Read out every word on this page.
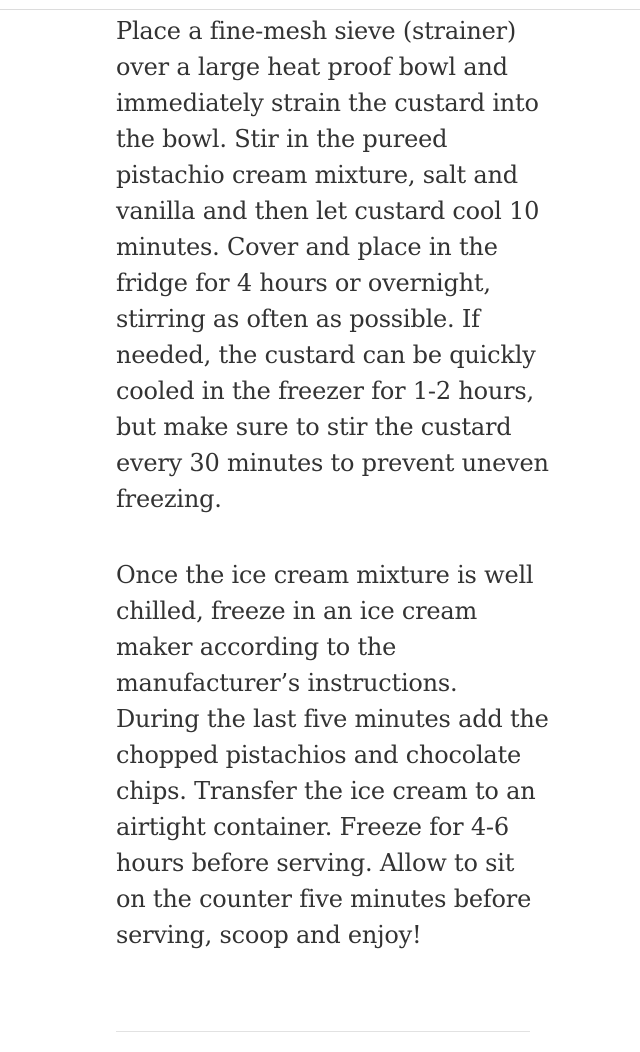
Place a fine-mesh sieve (strainer)
over a large heat proof bowl and
immediately strain the custard into
the bowl. Stir in the pureed
pistachio cream mixture, salt and
vanilla and then let custard cool 10
minutes. Cover and place in the
fridge for 4 hours or overnight,
stirring as often as possible. If
needed, the custard can be quickly
cooled in the freezer for 1-2 hours,
but make sure to stir the custard
every 30 minutes to prevent uneven
freezing.

Once the ice cream mixture is well
chilled, freeze in an ice cream
maker according to the
manufacturer’s instructions.
During the last five minutes add the
chopped pistachios and chocolate
chips. Transfer the ice cream to an
airtight container. Freeze for 4-6
hours before serving. Allow to sit
on the counter five minutes before
serving, scoop and enjoy!
